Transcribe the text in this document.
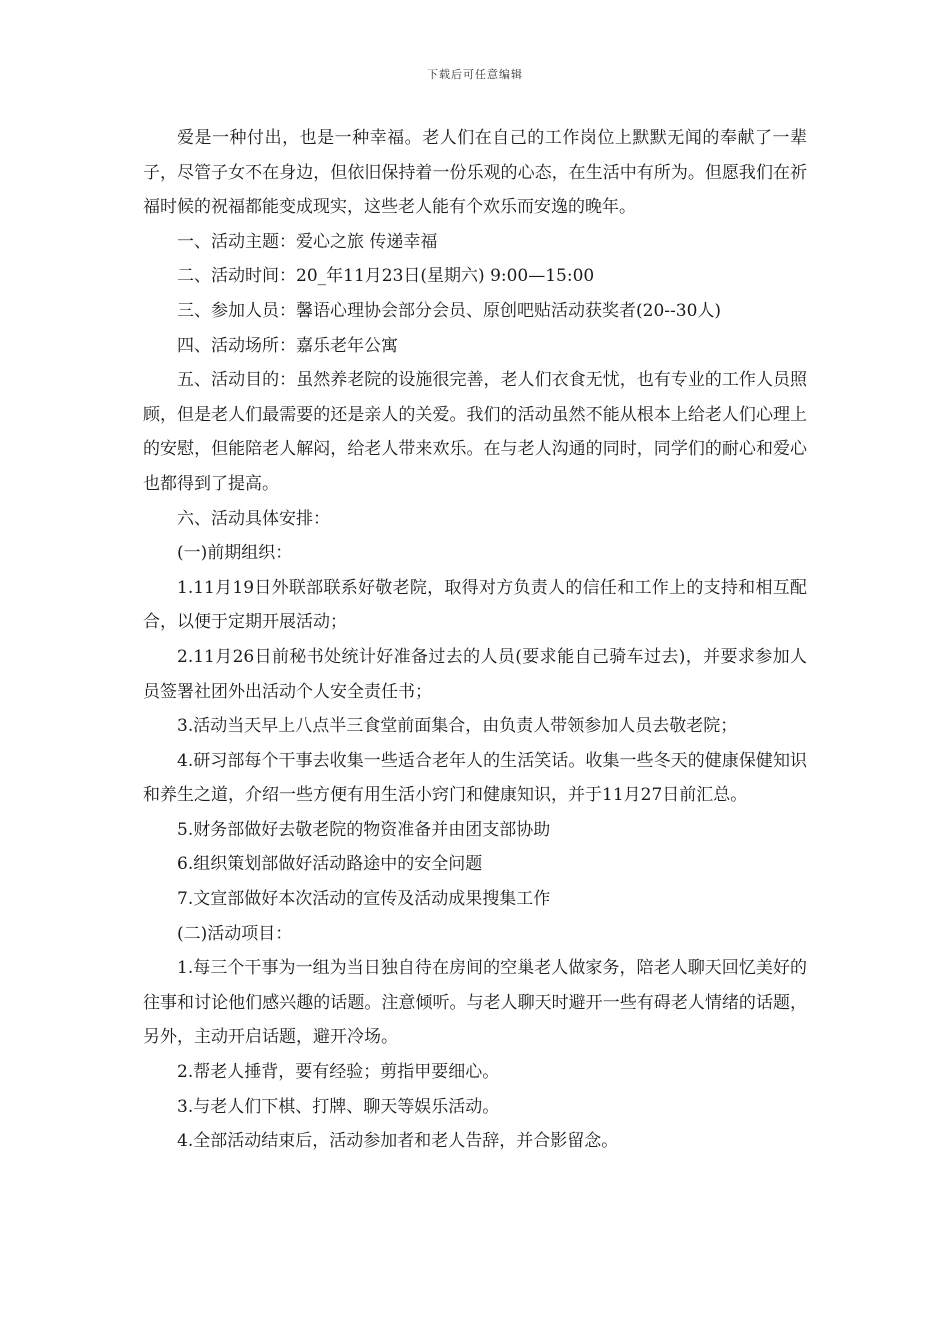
下载后可任意编辑

爱是一种付出，也是一种幸福。老人们在自己的工作岗位上默默无闻的奉献了一辈子，尽管子女不在身边，但依旧保持着一份乐观的心态，在生活中有所为。但愿我们在祈福时候的祝福都能变成现实，这些老人能有个欢乐而安逸的晚年。

一、活动主题：爱心之旅 传递幸福

二、活动时间：20_年11月23日(星期六) 9:00—15:00

三、参加人员：馨语心理协会部分会员、原创吧贴活动获奖者(20--30人)

四、活动场所：嘉乐老年公寓

五、活动目的：虽然养老院的设施很完善，老人们衣食无忧，也有专业的工作人员照顾，但是老人们最需要的还是亲人的关爱。我们的活动虽然不能从根本上给老人们心理上的安慰，但能陪老人解闷，给老人带来欢乐。在与老人沟通的同时，同学们的耐心和爱心也都得到了提高。

六、活动具体安排：

(一)前期组织：

1.11月19日外联部联系好敬老院，取得对方负责人的信任和工作上的支持和相互配合，以便于定期开展活动；

2.11月26日前秘书处统计好准备过去的人员(要求能自己骑车过去)，并要求参加人员签署社团外出活动个人安全责任书；

3.活动当天早上八点半三食堂前面集合，由负责人带领参加人员去敬老院；

4.研习部每个干事去收集一些适合老年人的生活笑话。收集一些冬天的健康保健知识和养生之道，介绍一些方便有用生活小窍门和健康知识，并于11月27日前汇总。

5.财务部做好去敬老院的物资准备并由团支部协助

6.组织策划部做好活动路途中的安全问题

7.文宣部做好本次活动的宣传及活动成果搜集工作

(二)活动项目：

1.每三个干事为一组为当日独自待在房间的空巢老人做家务，陪老人聊天回忆美好的往事和讨论他们感兴趣的话题。注意倾听。与老人聊天时避开一些有碍老人情绪的话题，另外，主动开启话题，避开冷场。

2.帮老人捶背，要有经验；剪指甲要细心。

3.与老人们下棋、打牌、聊天等娱乐活动。

4.全部活动结束后，活动参加者和老人告辞，并合影留念。
